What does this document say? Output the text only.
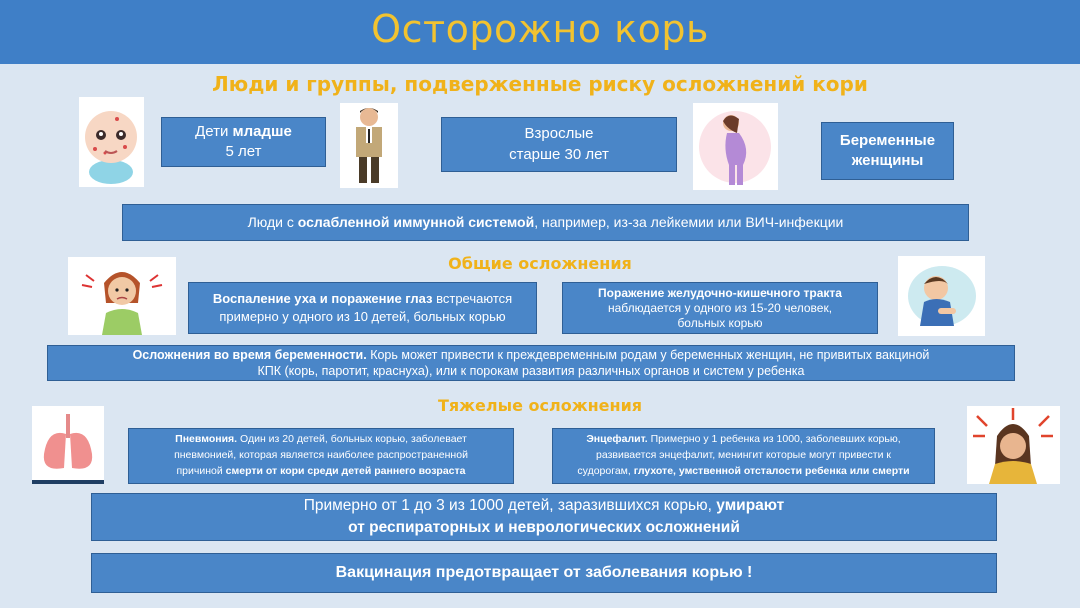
Осторожно корь
Люди и группы, подверженные риску осложнений кори
Дети младше
5 лет
Взрослые
старше 30 лет
Беременные
женщины
Люди с ослабленной иммунной системой, например, из-за лейкемии или ВИЧ-инфекции
Общие осложнения
Воспаление уха и поражение глаз встречаются
примерно у одного из 10 детей, больных корью
Поражение желудочно-кишечного тракта
наблюдается у одного из 15-20 человек,
больных корью
Осложнения во время беременности. Корь может привести к преждевременным родам у беременных женщин, не привитых вакциной
КПК (корь, паротит, краснуха), или к порокам развития различных органов и систем у ребенка
Тяжелые осложнения
Пневмония. Один из 20 детей, больных корью, заболевает
пневмонией, которая является наиболее распространенной
причиной смерти от кори среди детей раннего возраста
Энцефалит. Примерно у 1 ребенка из 1000, заболевших корью,
развивается энцефалит, менингит которые могут привести к
судорогам, глухоте, умственной отсталости ребенка или смерти
Примерно от 1 до 3 из 1000 детей, заразившихся корью, умирают
от респираторных и неврологических осложнений
Вакцинация предотвращает от заболевания корью !
